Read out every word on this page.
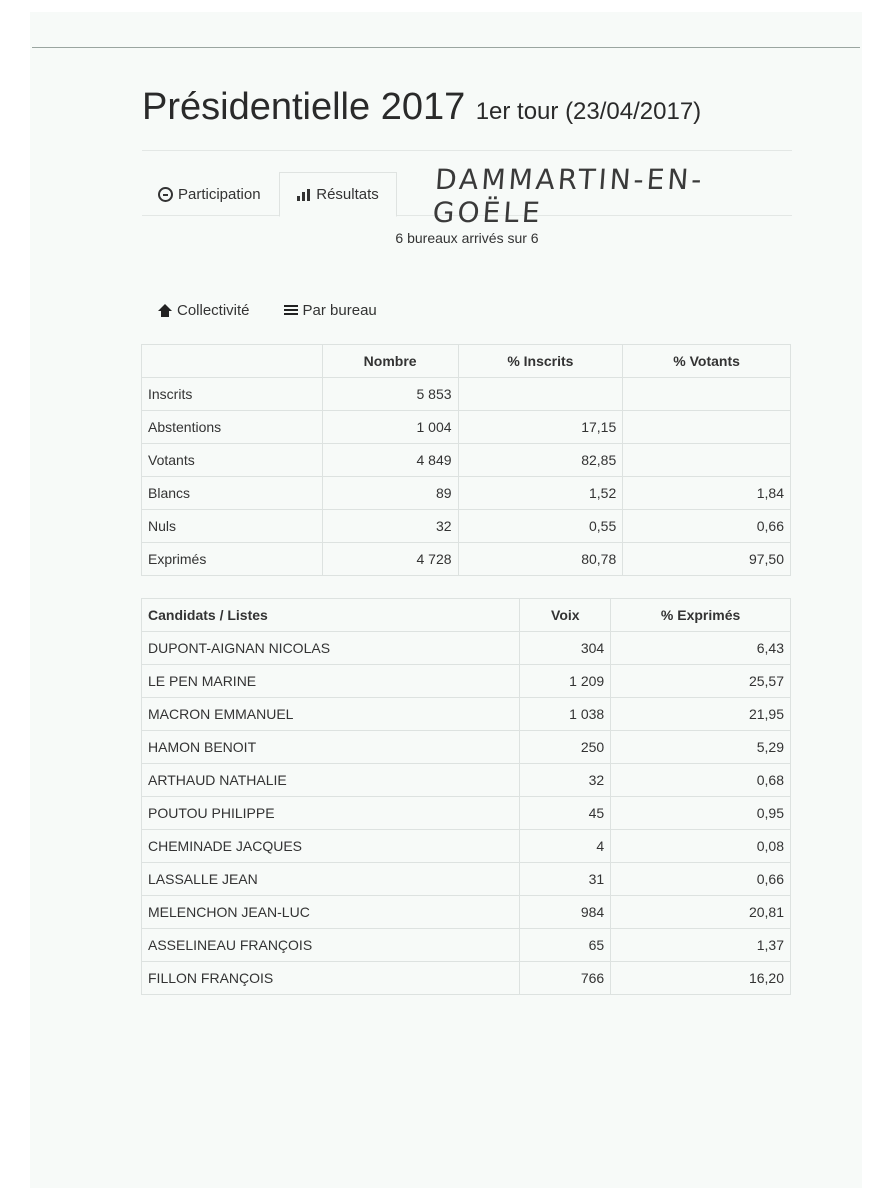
Présidentielle 2017 1er tour (23/04/2017)
Participation	Résultats DAMMARTIN-EN-GOËLE
6 bureaux arrivés sur 6
Collectivité	Par bureau
	Nombre	% Inscrits	% Votants
Inscrits	5 853		
Abstentions	1 004	17,15	
Votants	4 849	82,85	
Blancs	89	1,52	1,84
Nuls	32	0,55	0,66
Exprimés	4 728	80,78	97,50
Candidats / Listes	Voix	% Exprimés
DUPONT-AIGNAN NICOLAS	304	6,43
LE PEN MARINE	1 209	25,57
MACRON EMMANUEL	1 038	21,95
HAMON BENOIT	250	5,29
ARTHAUD NATHALIE	32	0,68
POUTOU PHILIPPE	45	0,95
CHEMINADE JACQUES	4	0,08
LASSALLE JEAN	31	0,66
MELENCHON JEAN-LUC	984	20,81
ASSELINEAU FRANÇOIS	65	1,37
FILLON FRANÇOIS	766	16,20
